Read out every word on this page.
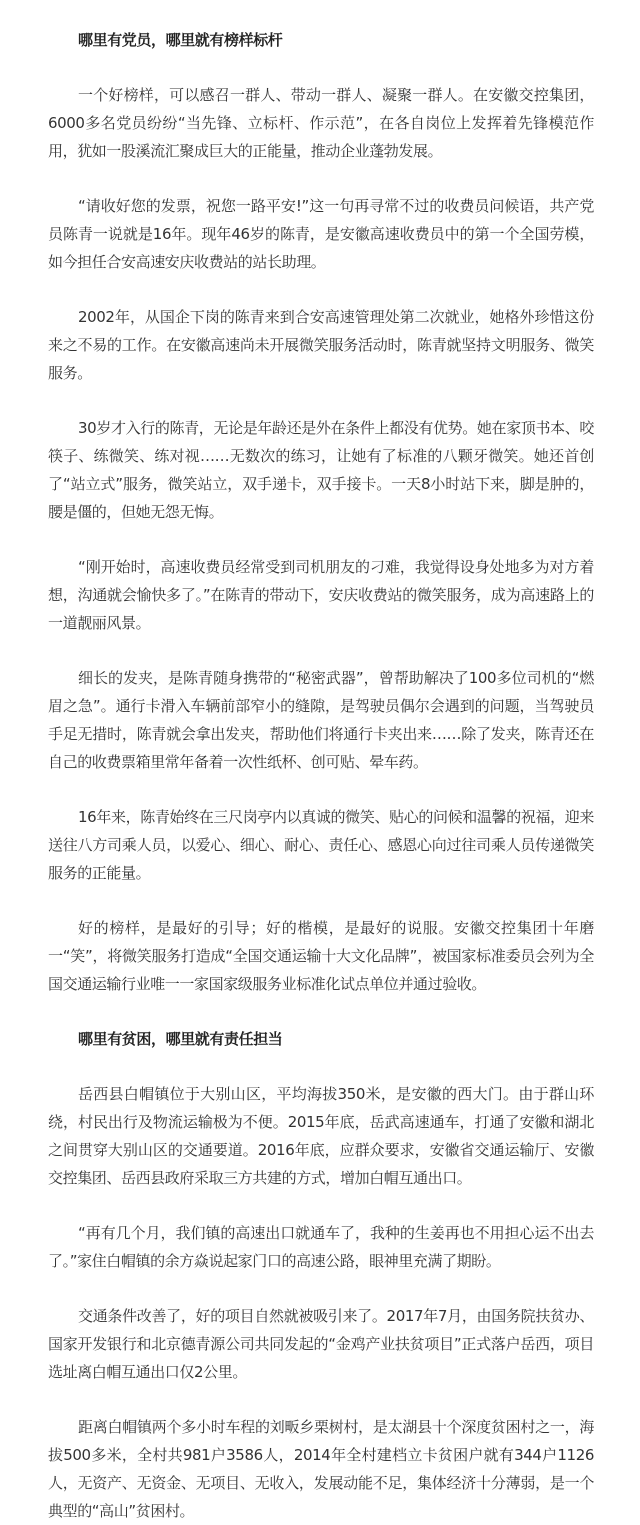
哪里有党员，哪里就有榜样标杆

一个好榜样，可以感召一群人、带动一群人、凝聚一群人。在安徽交控集团，6000多名党员纷纷“当先锋、立标杆、作示范”，在各自岗位上发挥着先锋模范作用，犹如一股溪流汇聚成巨大的正能量，推动企业蓬勃发展。

“请收好您的发票，祝您一路平安!”这一句再寻常不过的收费员问候语，共产党员陈青一说就是16年。现年46岁的陈青，是安徽高速收费员中的第一个全国劳模，如今担任合安高速安庆收费站的站长助理。

2002年，从国企下岗的陈青来到合安高速管理处第二次就业，她格外珍惜这份来之不易的工作。在安徽高速尚未开展微笑服务活动时，陈青就坚持文明服务、微笑服务。

30岁才入行的陈青，无论是年龄还是外在条件上都没有优势。她在家顶书本、咬筷子、练微笑、练对视……无数次的练习，让她有了标准的八颗牙微笑。她还首创了“站立式”服务，微笑站立，双手递卡，双手接卡。一天8小时站下来，脚是肿的，腰是僵的，但她无怨无悔。

“刚开始时，高速收费员经常受到司机朋友的刁难，我觉得设身处地多为对方着想，沟通就会愉快多了。”在陈青的带动下，安庆收费站的微笑服务，成为高速路上的一道靓丽风景。

细长的发夹，是陈青随身携带的“秘密武器”，曾帮助解决了100多位司机的“燃眉之急”。通行卡滑入车辆前部窄小的缝隙，是驾驶员偶尔会遇到的问题，当驾驶员手足无措时，陈青就会拿出发夹，帮助他们将通行卡夹出来……除了发夹，陈青还在自己的收费票箱里常年备着一次性纸杯、创可贴、晕车药。

16年来，陈青始终在三尺岗亭内以真诚的微笑、贴心的问候和温馨的祝福，迎来送往八方司乘人员，以爱心、细心、耐心、责任心、感恩心向过往司乘人员传递微笑服务的正能量。

好的榜样，是最好的引导；好的楷模，是最好的说服。安徽交控集团十年磨一“笑”，将微笑服务打造成“全国交通运输十大文化品牌”，被国家标准委员会列为全国交通运输行业唯一一家国家级服务业标准化试点单位并通过验收。

哪里有贫困，哪里就有责任担当

岳西县白帽镇位于大别山区，平均海拔350米，是安徽的西大门。由于群山环绕，村民出行及物流运输极为不便。2015年底，岳武高速通车，打通了安徽和湖北之间贯穿大别山区的交通要道。2016年底，应群众要求，安徽省交通运输厅、安徽交控集团、岳西县政府采取三方共建的方式，增加白帽互通出口。

“再有几个月，我们镇的高速出口就通车了，我种的生姜再也不用担心运不出去了。”家住白帽镇的余方焱说起家门口的高速公路，眼神里充满了期盼。

交通条件改善了，好的项目自然就被吸引来了。2017年7月，由国务院扶贫办、国家开发银行和北京德青源公司共同发起的“金鸡产业扶贫项目”正式落户岳西，项目选址离白帽互通出口仅2公里。

距离白帽镇两个多小时车程的刘畈乡栗树村，是太湖县十个深度贫困村之一，海拔500多米，全村共981户3586人，2014年全村建档立卡贫困户就有344户1126人，无资产、无资金、无项目、无收入，发展动能不足，集体经济十分薄弱，是一个典型的“高山”贫困村。
